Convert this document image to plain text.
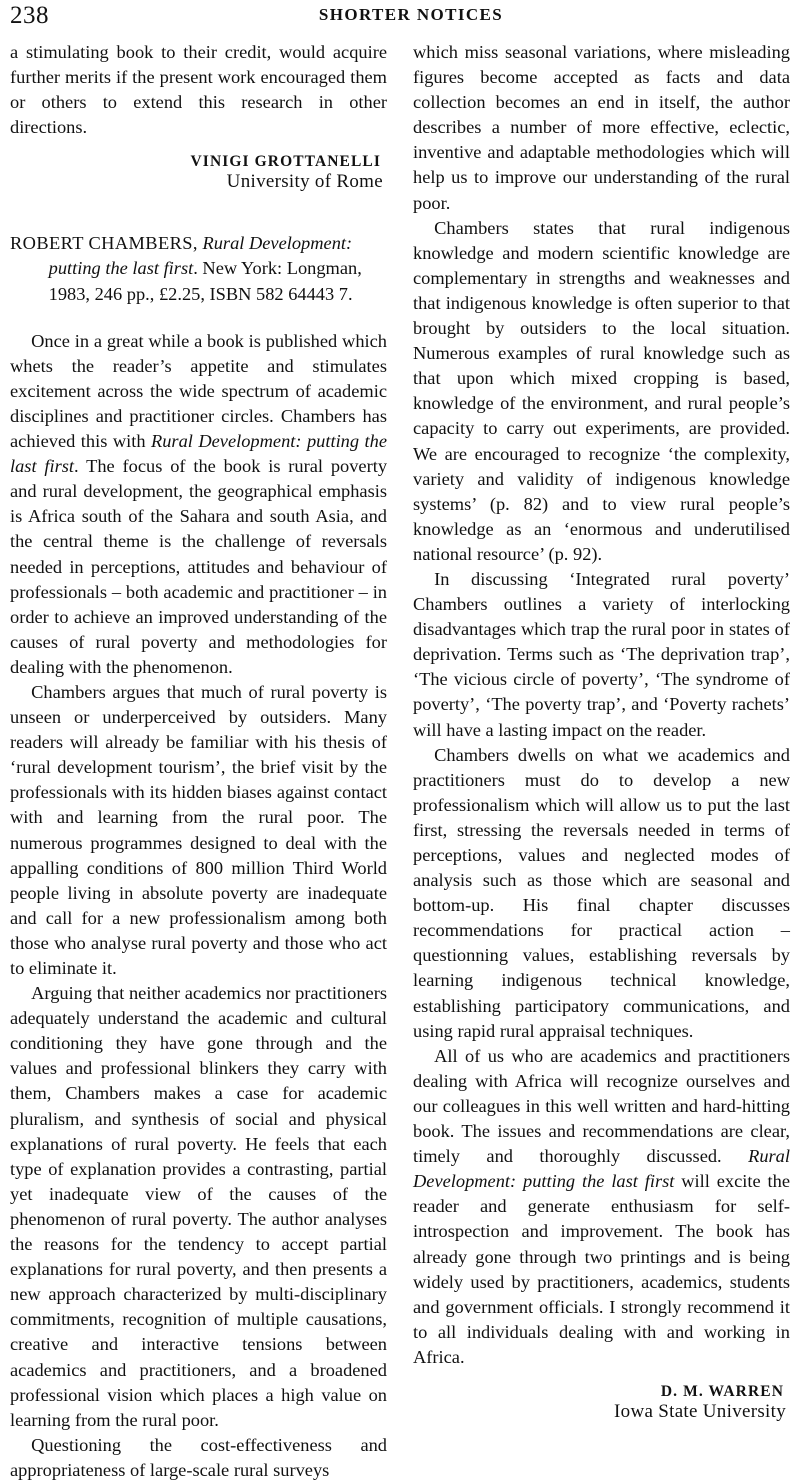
238	SHORTER NOTICES

a stimulating book to their credit, would acquire further merits if the present work encouraged them or others to extend this research in other directions.

VINIGI GROTTANELLI
University of Rome

ROBERT CHAMBERS, Rural Development: putting the last first. New York: Longman, 1983, 246 pp., £2.25, ISBN 582 64443 7.

Once in a great while a book is published which whets the reader’s appetite and stimulates excitement across the wide spectrum of academic disciplines and practitioner circles. Chambers has achieved this with Rural Development: putting the last first. The focus of the book is rural poverty and rural development, the geographical emphasis is Africa south of the Sahara and south Asia, and the central theme is the challenge of reversals needed in perceptions, attitudes and behaviour of professionals – both academic and practitioner – in order to achieve an improved understanding of the causes of rural poverty and methodologies for dealing with the phenomenon.

Chambers argues that much of rural poverty is unseen or underperceived by outsiders. Many readers will already be familiar with his thesis of ‘rural development tourism’, the brief visit by the professionals with its hidden biases against contact with and learning from the rural poor. The numerous programmes designed to deal with the appalling conditions of 800 million Third World people living in absolute poverty are inadequate and call for a new professionalism among both those who analyse rural poverty and those who act to eliminate it.

Arguing that neither academics nor practitioners adequately understand the academic and cultural conditioning they have gone through and the values and professional blinkers they carry with them, Chambers makes a case for academic pluralism, and synthesis of social and physical explanations of rural poverty. He feels that each type of explanation provides a contrasting, partial yet inadequate view of the causes of the phenomenon of rural poverty. The author analyses the reasons for the tendency to accept partial explanations for rural poverty, and then presents a new approach characterized by multi-disciplinary commitments, recognition of multiple causations, creative and interactive tensions between academics and practitioners, and a broadened professional vision which places a high value on learning from the rural poor.

Questioning the cost-effectiveness and appropriateness of large-scale rural surveys

which miss seasonal variations, where misleading figures become accepted as facts and data collection becomes an end in itself, the author describes a number of more effective, eclectic, inventive and adaptable methodologies which will help us to improve our understanding of the rural poor.

Chambers states that rural indigenous knowledge and modern scientific knowledge are complementary in strengths and weaknesses and that indigenous knowledge is often superior to that brought by outsiders to the local situation. Numerous examples of rural knowledge such as that upon which mixed cropping is based, knowledge of the environment, and rural people’s capacity to carry out experiments, are provided. We are encouraged to recognize ‘the complexity, variety and validity of indigenous knowledge systems’ (p. 82) and to view rural people’s knowledge as an ‘enormous and underutilised national resource’ (p. 92).

In discussing ‘Integrated rural poverty’ Chambers outlines a variety of interlocking disadvantages which trap the rural poor in states of deprivation. Terms such as ‘The deprivation trap’, ‘The vicious circle of poverty’, ‘The syndrome of poverty’, ‘The poverty trap’, and ‘Poverty rachets’ will have a lasting impact on the reader.

Chambers dwells on what we academics and practitioners must do to develop a new professionalism which will allow us to put the last first, stressing the reversals needed in terms of perceptions, values and neglected modes of analysis such as those which are seasonal and bottom-up. His final chapter discusses recommendations for practical action – questionning values, establishing reversals by learning indigenous technical knowledge, establishing participatory communications, and using rapid rural appraisal techniques.

All of us who are academics and practitioners dealing with Africa will recognize ourselves and our colleagues in this well written and hard-hitting book. The issues and recommendations are clear, timely and thoroughly discussed. Rural Development: putting the last first will excite the reader and generate enthusiasm for self-introspection and improvement. The book has already gone through two printings and is being widely used by practitioners, academics, students and government officials. I strongly recommend it to all individuals dealing with and working in Africa.

D. M. WARREN
Iowa State University
